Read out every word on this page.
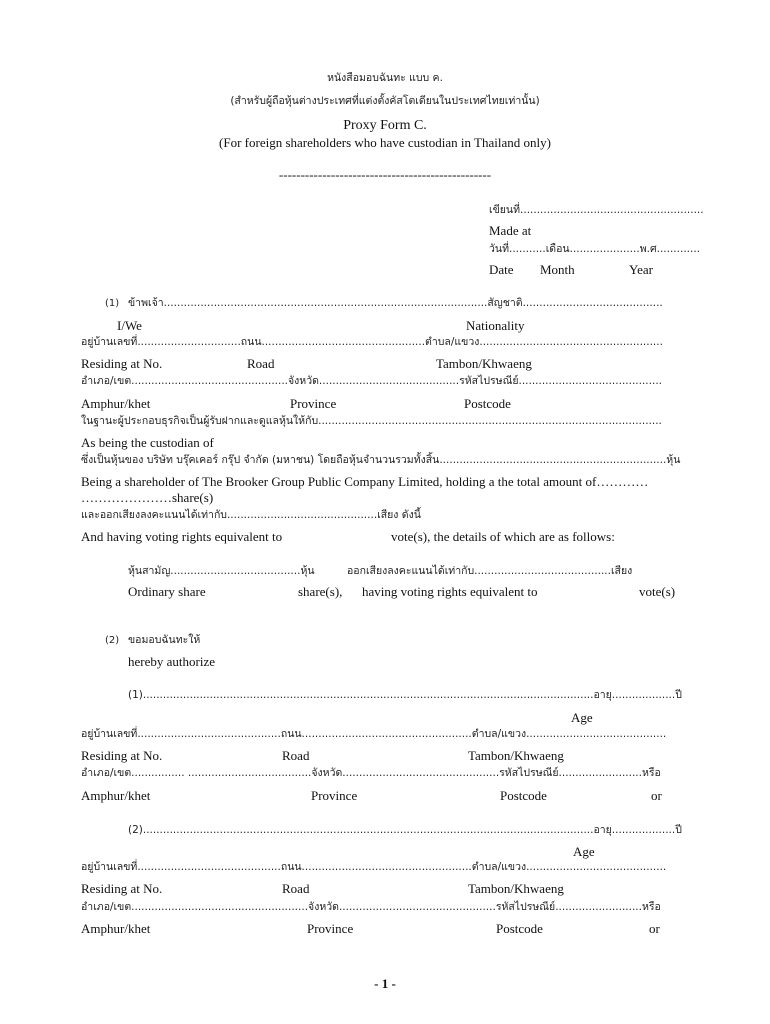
หนังสือมอบฉันทะ แบบ ค.
(สำหรับผู้ถือหุ้นต่างประเทศที่แต่งตั้งคัสโตเดียนในประเทศไทยเท่านั้น)
Proxy Form C.
(For foreign shareholders who have custodian in Thailand only)
-------------------------------------------------
เขียนที่.......................................................
Made at
วันที่...........เดือน.....................พ.ศ.............
Date Month	Year
(1) ข้าพเจ้า.................................................................................................สัญชาติ..........................................
I/We	Nationality
อยู่บ้านเลขที่...............................ถนน.................................................ตำบล/แขวง.......................................................
Residing at No.	Road	Tambon/Khwaeng
อำเภอ/เขต...............................................จังหวัด..........................................รหัสไปรษณีย์...........................................
Amphur/khet	Province	Postcode
ในฐานะผู้ประกอบธุรกิจเป็นผู้รับฝากและดูแลหุ้นให้กับ.......................................................................................................
As being the custodian of
ซึ่งเป็นหุ้นของ บริษัท บรุ๊คเคอร์ กรุ๊ป จำกัด (มหาชน) โดยถือหุ้นจำนวนรวมทั้งสิ้น....................................................................หุ้น
Being a shareholder of The Brooker Group Public Company Limited, holding a the total amount of…………
…………………share(s)
และออกเสียงลงคะแนนได้เท่ากับ.............................................เสียง ดังนี้
And having voting rights equivalent to	vote(s), the details of which are as follows:
หุ้นสามัญ.......................................หุ้น	ออกเสียงลงคะแนนได้เท่ากับ.........................................เสียง
Ordinary share	share(s), having voting rights equivalent to	vote(s)
(2) ขอมอบฉันทะให้
hereby authorize
(1).......................................................................................................................................อายุ...................ปี
Age
อยู่บ้านเลขที่...........................................ถนน...................................................ตำบล/แขวง..........................................
Residing at No.	Road	Tambon/Khwaeng
อำเภอ/เขต................ .....................................จังหวัด...............................................รหัสไปรษณีย์.........................หรือ
Amphur/khet	Province	Postcode	or
(2).......................................................................................................................................อายุ...................ปี
Age
อยู่บ้านเลขที่...........................................ถนน...................................................ตำบล/แขวง..........................................
Residing at No.	Road	Tambon/Khwaeng
อำเภอ/เขต.....................................................จังหวัด...............................................รหัสไปรษณีย์..........................หรือ
Amphur/khet	Province	Postcode	or
- 1 -
